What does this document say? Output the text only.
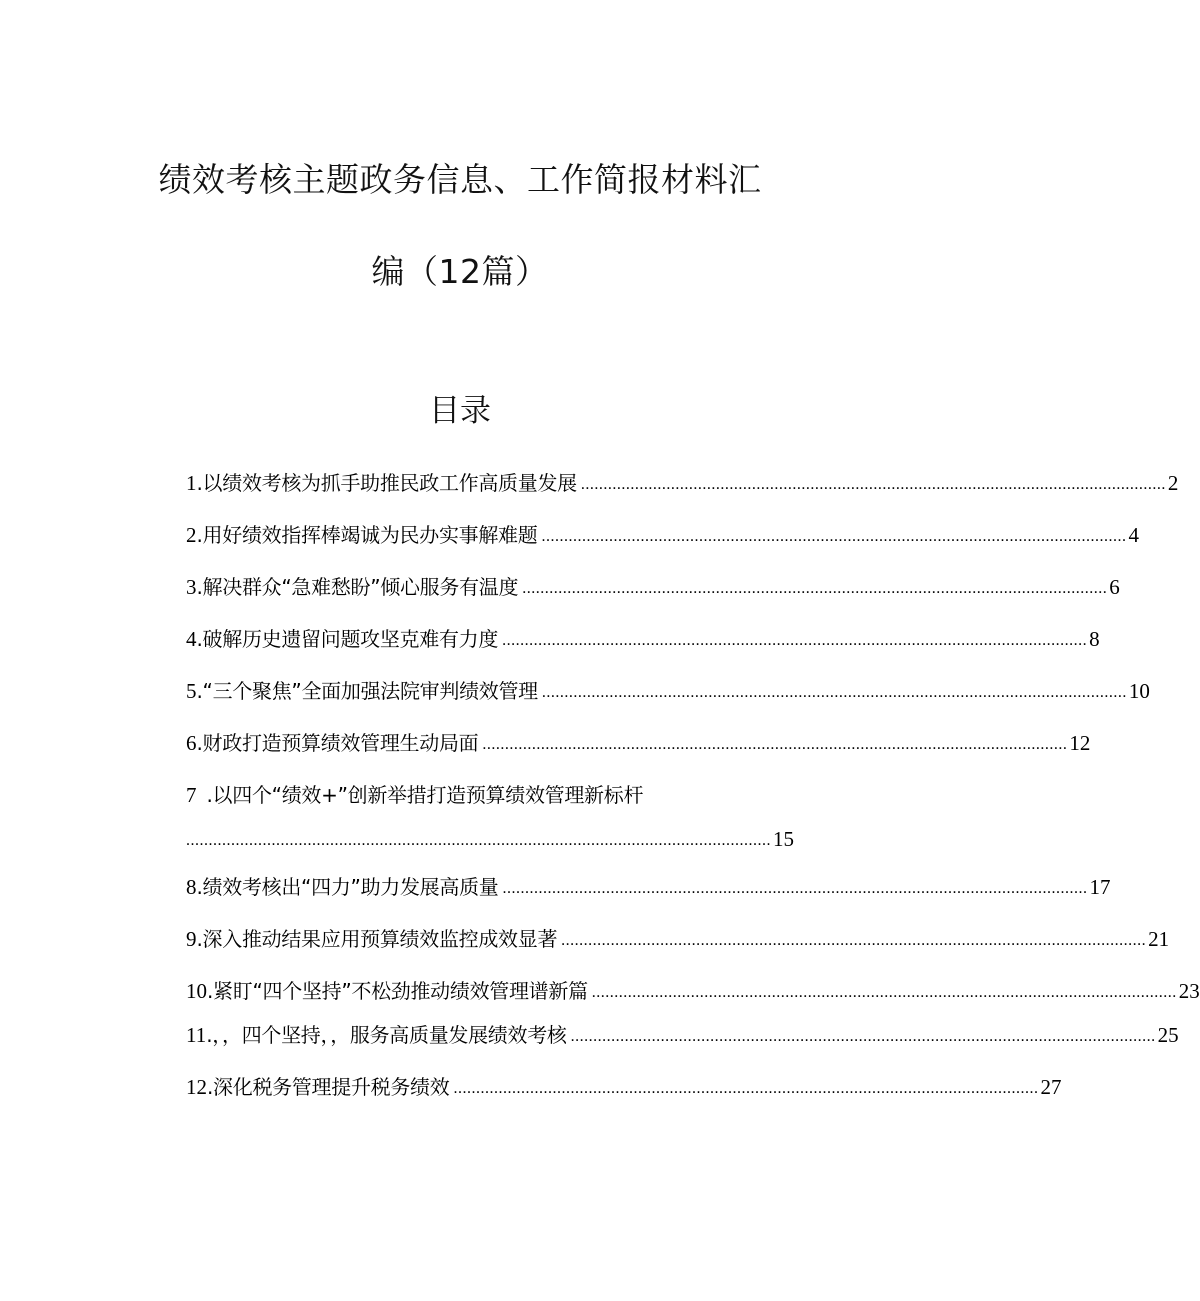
绩效考核主题政务信息、工作简报材料汇
编（12篇）
目录
1 .以绩效考核为抓手助推民政工作高质量发展 .................................................................................................................................. 2
2 .用好绩效指挥棒竭诚为民办实事解难题 .................................................................................................................................. 4
3 .解决群众“急难愁盼”倾心服务有温度 .................................................................................................................................. 6
4 .破解历史遗留问题攻坚克难有力度 .................................................................................................................................. 8
5 .“三个聚焦”全面加强法院审判绩效管理 .................................................................................................................................. 10
6 .财政打造预算绩效管理生动局面 .................................................................................................................................. 12
7 .以四个“绩效+”创新举措打造预算绩效管理新标杆
.................................................................................................................................. 15
8 .绩效考核出“四力”助力发展高质量 .................................................................................................................................. 17
9 .深入推动结果应用预算绩效监控成效显著 .................................................................................................................................. 21
10 .紧盯“四个坚持”不松劲推动绩效管理谱新篇 .................................................................................................................................. 23
11 .，，四个坚持，，服务高质量发展绩效考核 .................................................................................................................................. 25
12 .深化税务管理提升税务绩效 .................................................................................................................................. 27
